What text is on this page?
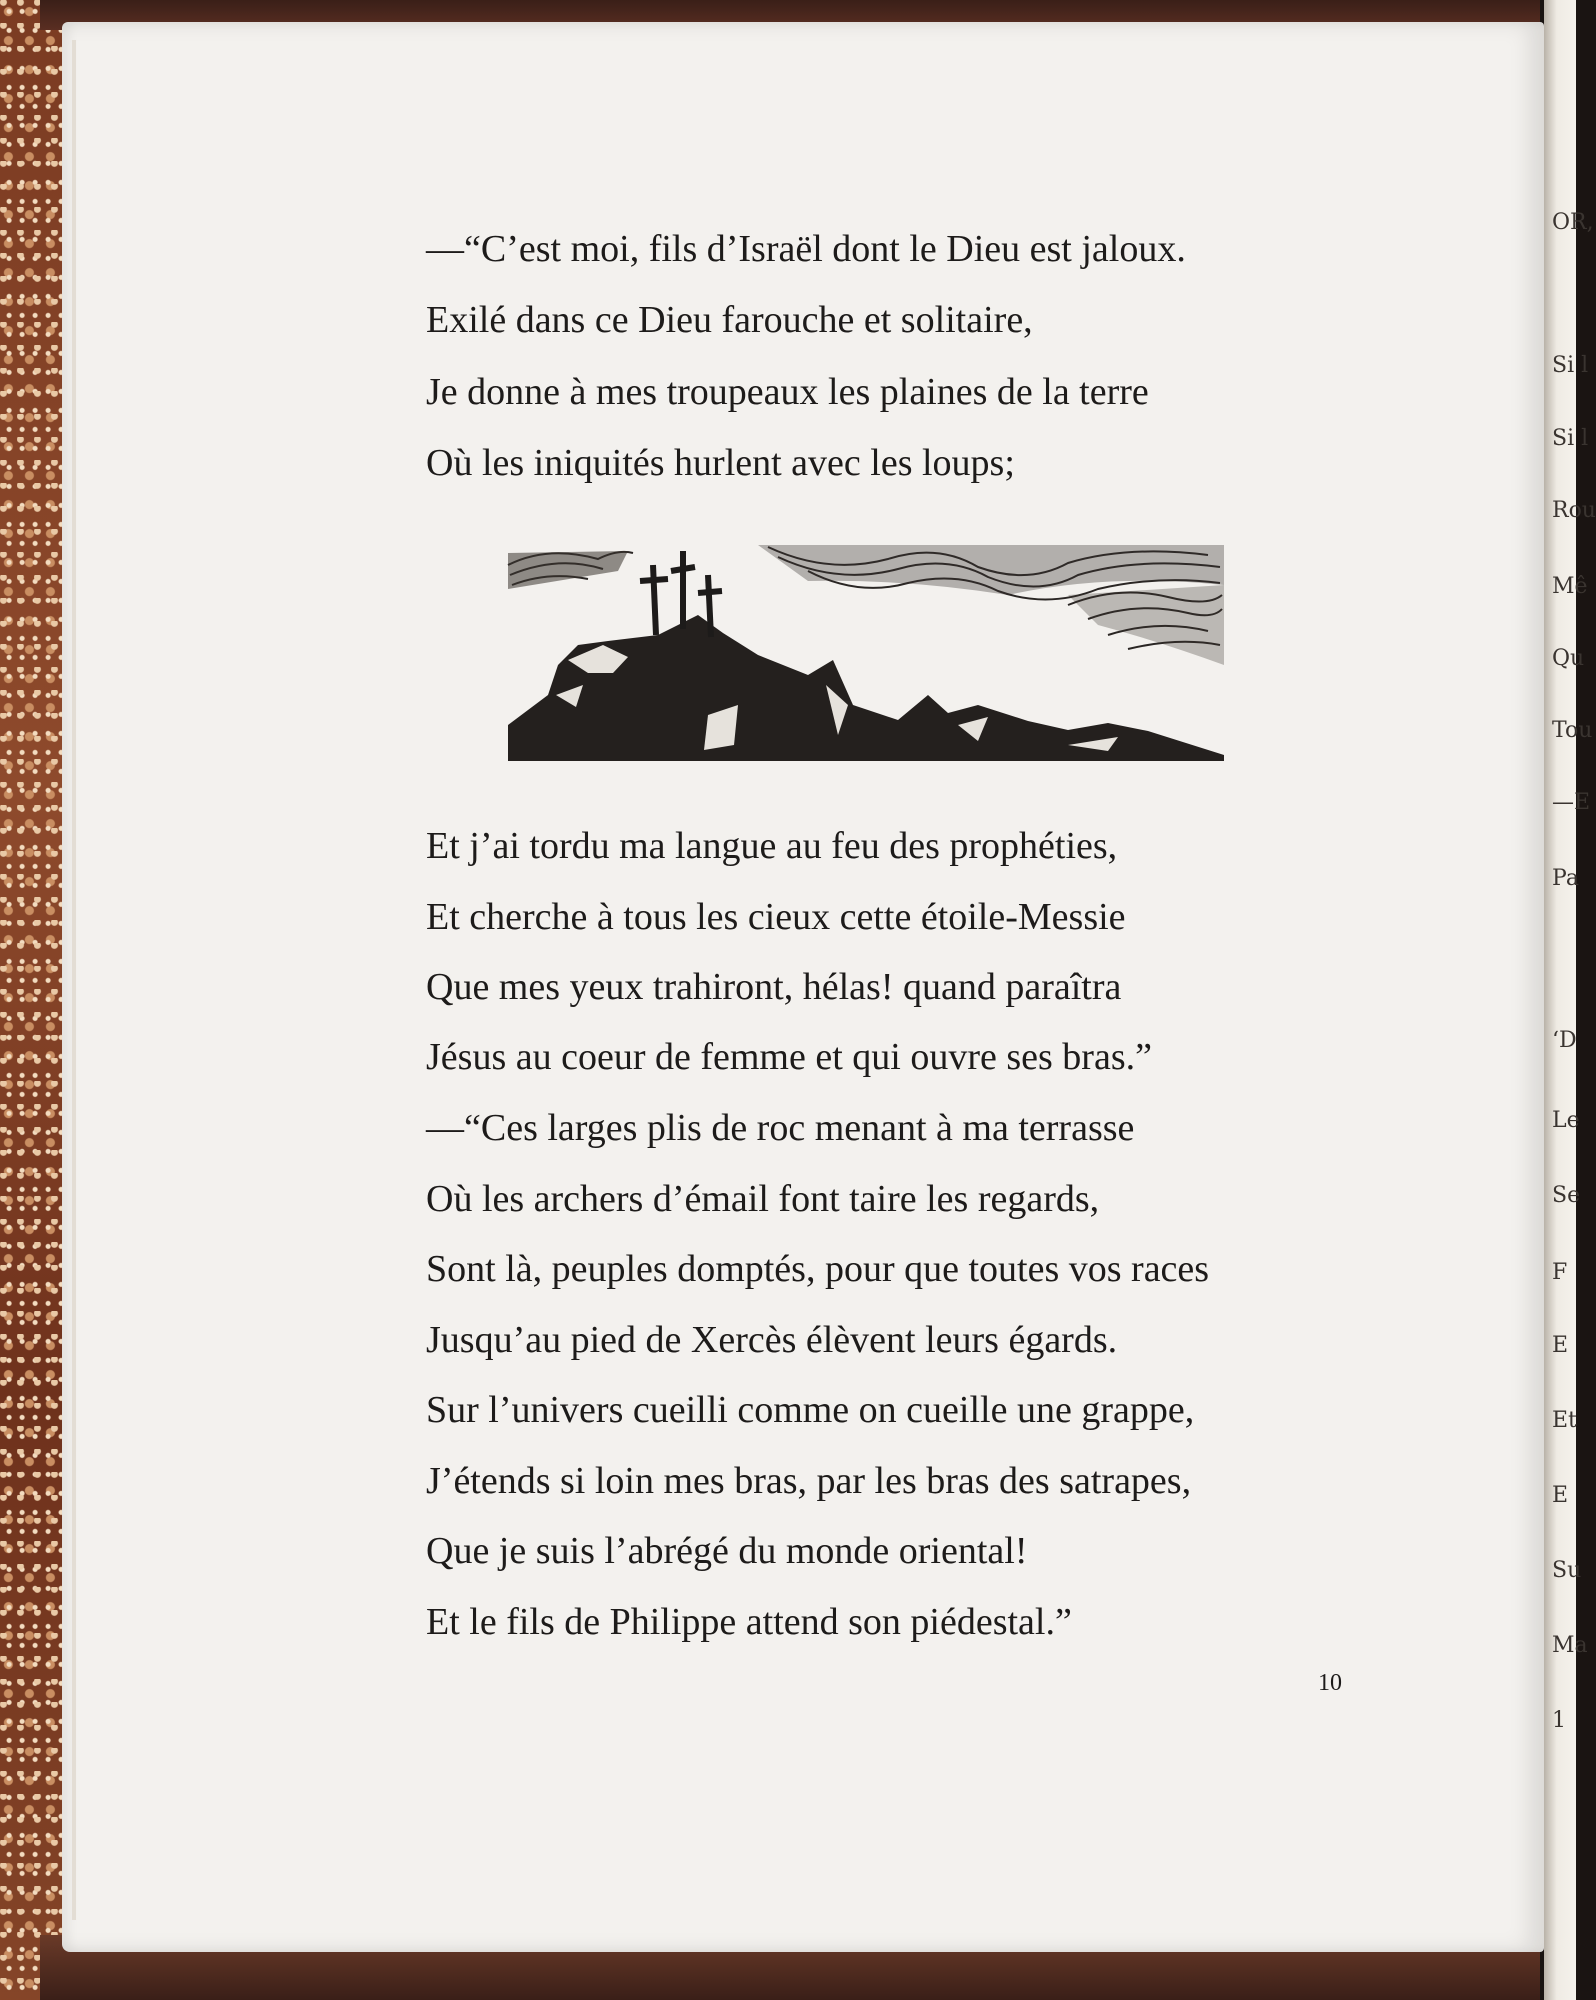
OR,
Si l
Si l
Rou
Mê
Qu
Tou
—E
Pa
‘D
Le
Se
F
E
Et
E
Su
Ma
1
—“C’est moi, fils d’Israël dont le Dieu est jaloux.
Exilé dans ce Dieu farouche et solitaire,
Je donne à mes troupeaux les plaines de la terre
Où les iniquités hurlent avec les loups;
Et j’ai tordu ma langue au feu des prophéties,
Et cherche à tous les cieux cette étoile-Messie
Que mes yeux trahiront, hélas! quand paraîtra
Jésus au coeur de femme et qui ouvre ses bras.”
—“Ces larges plis de roc menant à ma terrasse
Où les archers d’émail font taire les regards,
Sont là, peuples domptés, pour que toutes vos races
Jusqu’au pied de Xercès élèvent leurs égards.
Sur l’univers cueilli comme on cueille une grappe,
J’étends si loin mes bras, par les bras des satrapes,
Que je suis l’abrégé du monde oriental!
Et le fils de Philippe attend son piédestal.”
10
